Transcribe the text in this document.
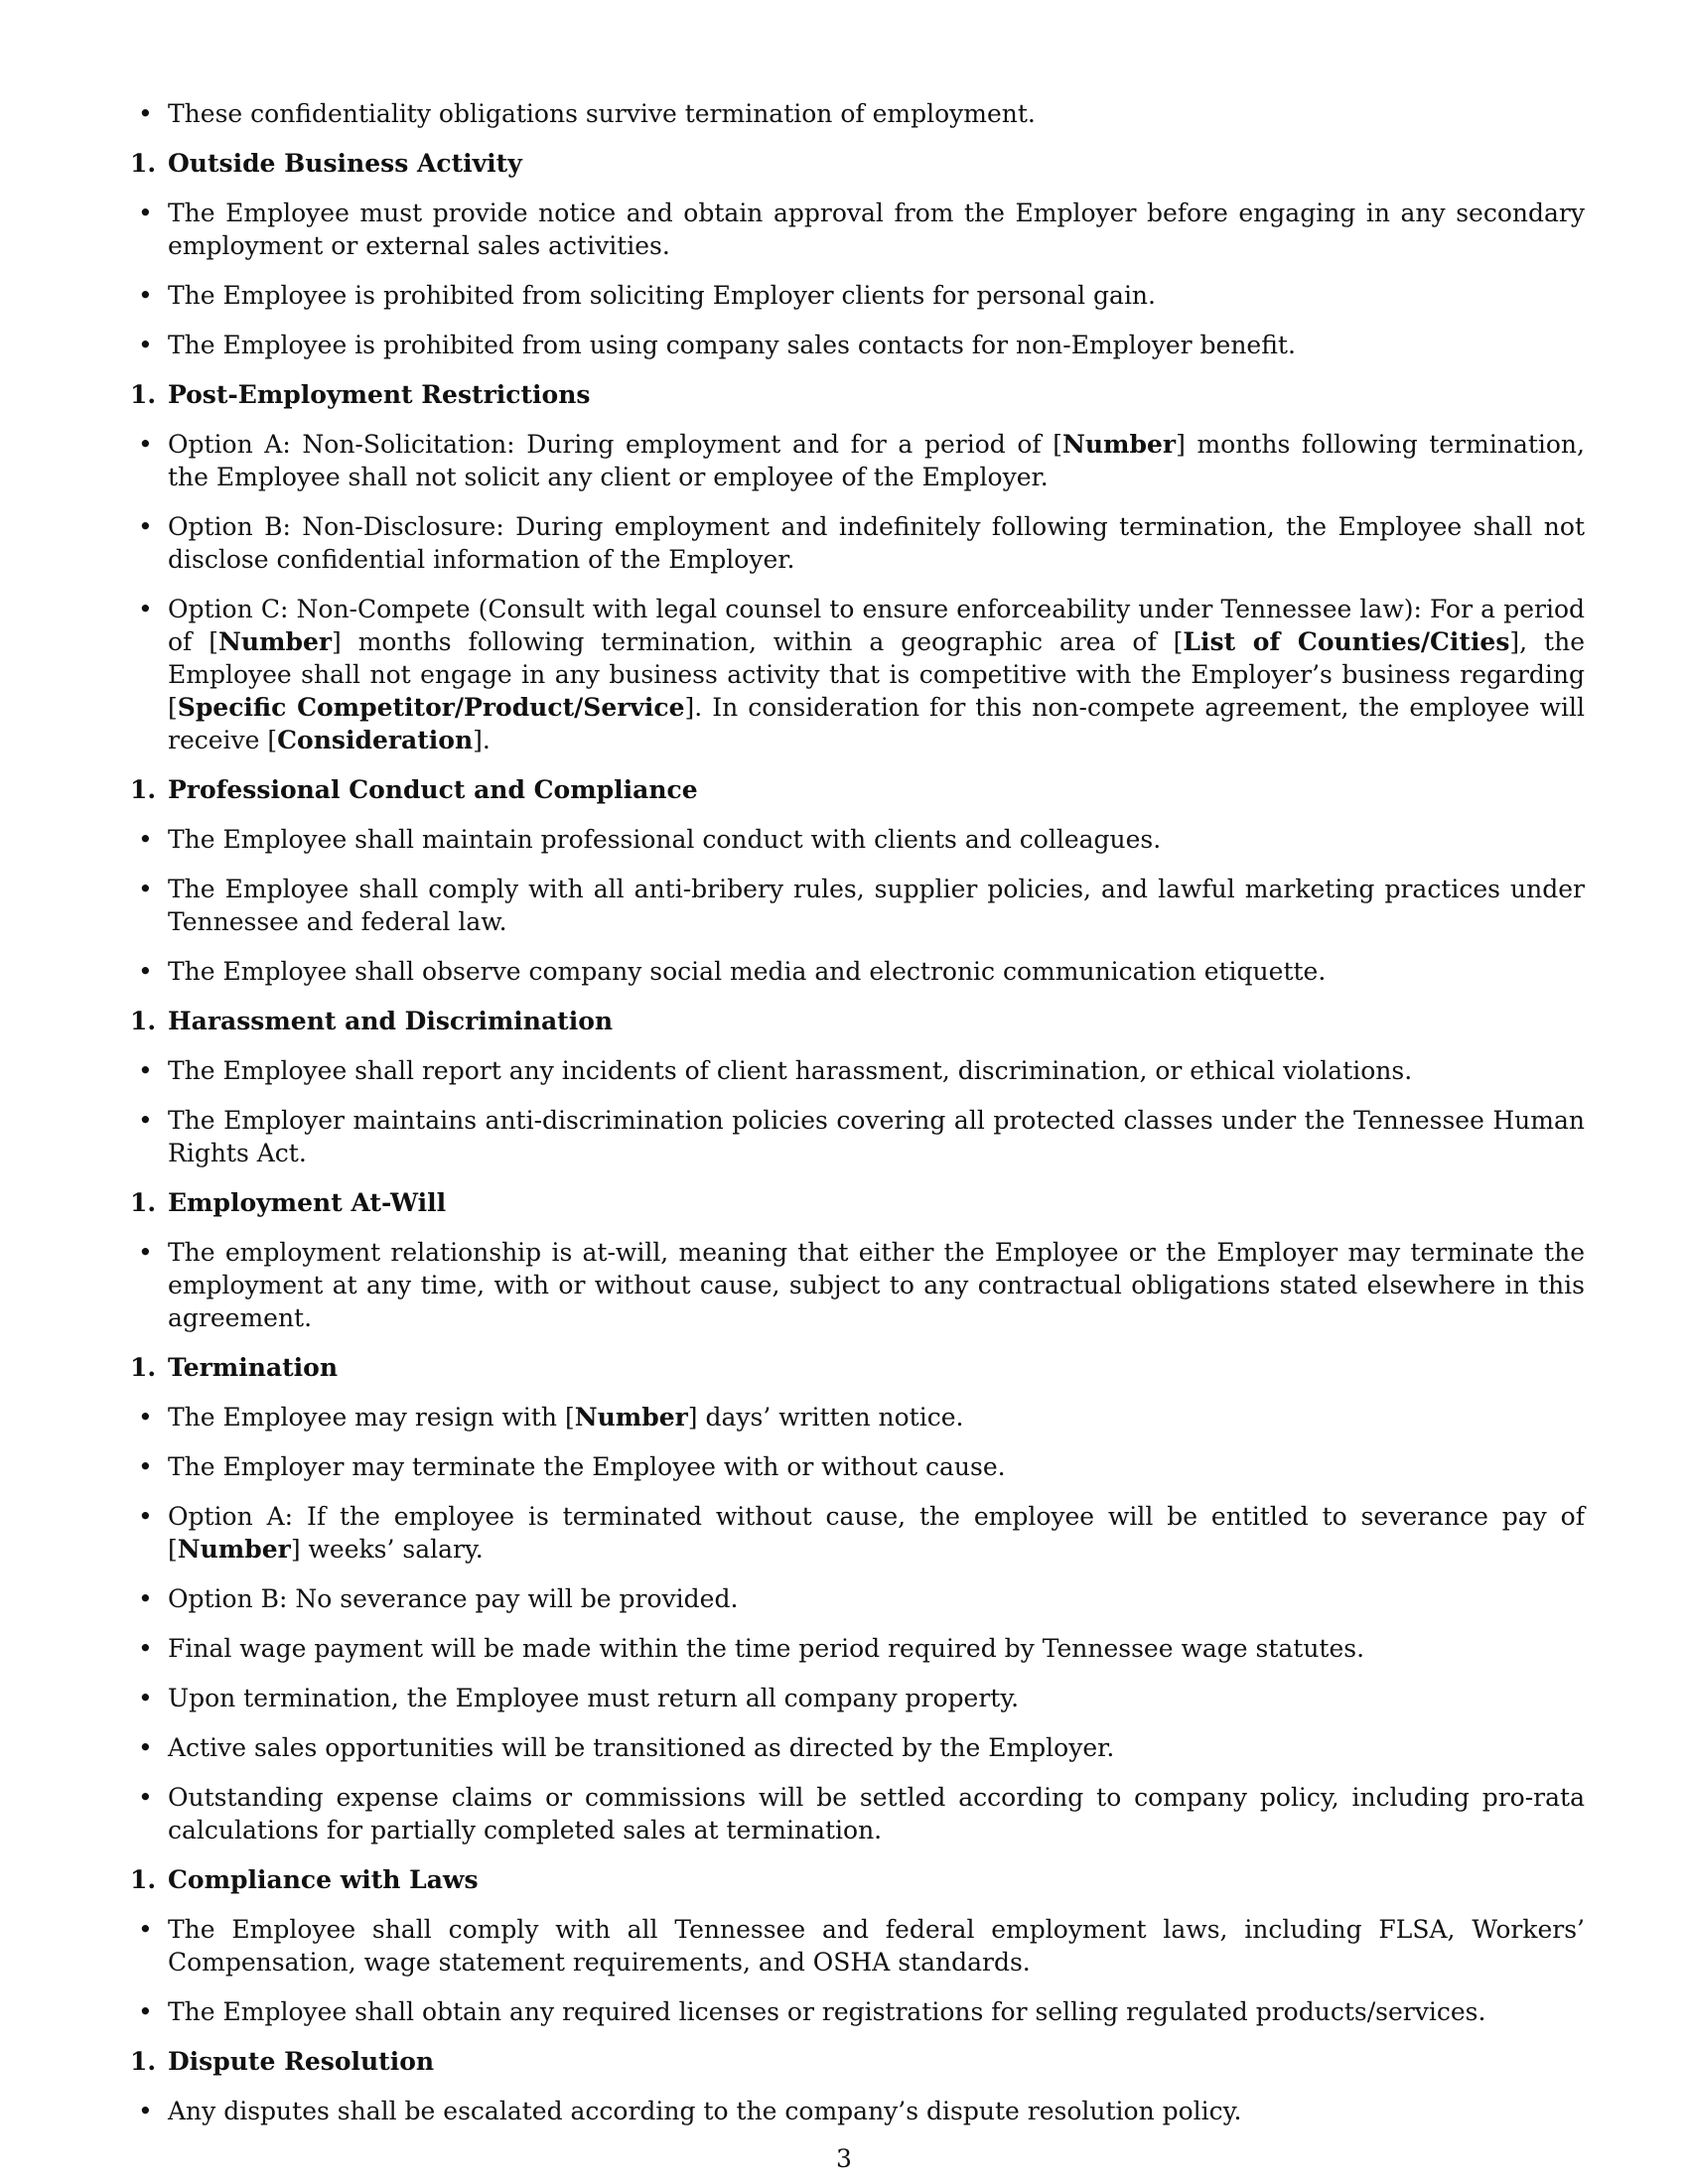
• These confidentiality obligations survive termination of employment.
1. Outside Business Activity
• The Employee must provide notice and obtain approval from the Employer before engaging in any secondary employment or external sales activities.
• The Employee is prohibited from soliciting Employer clients for personal gain.
• The Employee is prohibited from using company sales contacts for non-Employer benefit.
1. Post-Employment Restrictions
• Option A: Non-Solicitation: During employment and for a period of [Number] months following termination, the Employee shall not solicit any client or employee of the Employer.
• Option B: Non-Disclosure: During employment and indefinitely following termination, the Employee shall not disclose confidential information of the Employer.
• Option C: Non-Compete (Consult with legal counsel to ensure enforceability under Tennessee law): For a period of [Number] months following termination, within a geographic area of [List of Counties/Cities], the Employee shall not engage in any business activity that is competitive with the Employer’s business regarding [Specific Competitor/Product/Service]. In consideration for this non-compete agreement, the employee will receive [Consideration].
1. Professional Conduct and Compliance
• The Employee shall maintain professional conduct with clients and colleagues.
• The Employee shall comply with all anti-bribery rules, supplier policies, and lawful marketing practices under Tennessee and federal law.
• The Employee shall observe company social media and electronic communication etiquette.
1. Harassment and Discrimination
• The Employee shall report any incidents of client harassment, discrimination, or ethical violations.
• The Employer maintains anti-discrimination policies covering all protected classes under the Tennessee Human Rights Act.
1. Employment At-Will
• The employment relationship is at-will, meaning that either the Employee or the Employer may terminate the employment at any time, with or without cause, subject to any contractual obligations stated elsewhere in this agreement.
1. Termination
• The Employee may resign with [Number] days’ written notice.
• The Employer may terminate the Employee with or without cause.
• Option A: If the employee is terminated without cause, the employee will be entitled to severance pay of [Number] weeks’ salary.
• Option B: No severance pay will be provided.
• Final wage payment will be made within the time period required by Tennessee wage statutes.
• Upon termination, the Employee must return all company property.
• Active sales opportunities will be transitioned as directed by the Employer.
• Outstanding expense claims or commissions will be settled according to company policy, including pro-rata calculations for partially completed sales at termination.
1. Compliance with Laws
• The Employee shall comply with all Tennessee and federal employment laws, including FLSA, Workers’ Compensation, wage statement requirements, and OSHA standards.
• The Employee shall obtain any required licenses or registrations for selling regulated products/services.
1. Dispute Resolution
• Any disputes shall be escalated according to the company’s dispute resolution policy.
3
